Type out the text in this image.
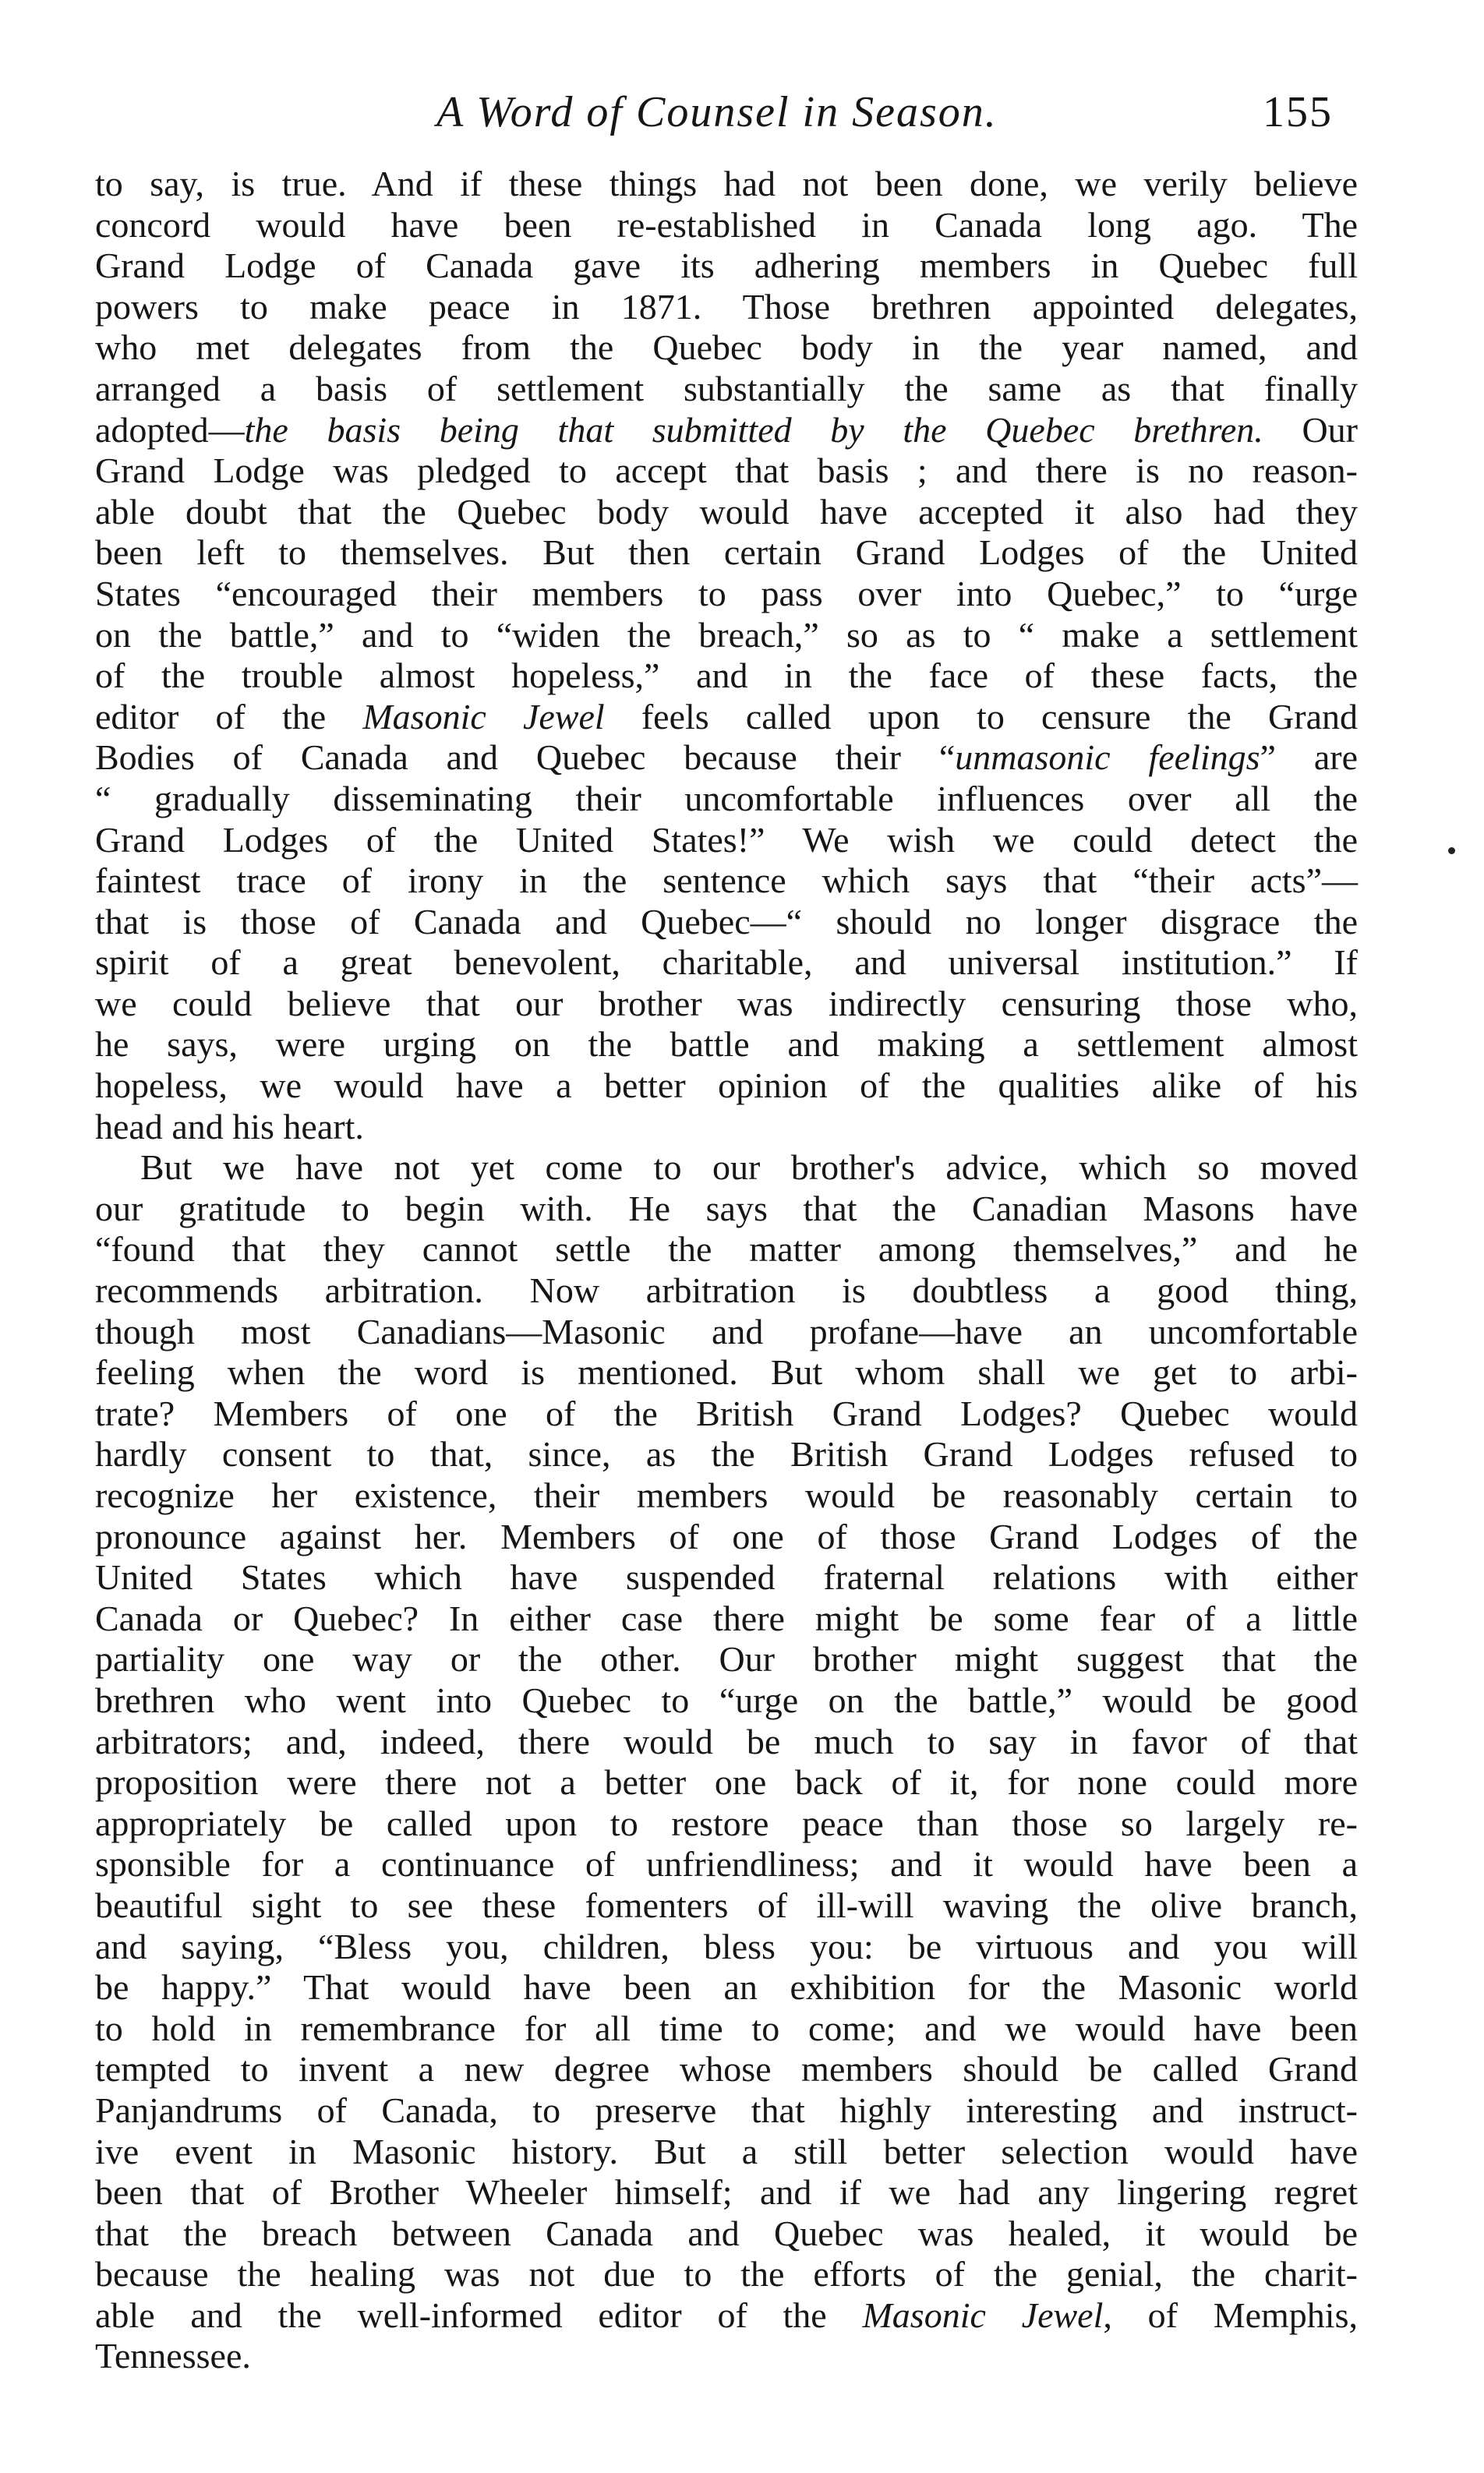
A Word of Counsel in Season.	155
to say, is true. And if these things had not been done, we verily believe
concord would have been re-established in Canada long ago. The
Grand Lodge of Canada gave its adhering members in Quebec full
powers to make peace in 1871. Those brethren appointed delegates,
who met delegates from the Quebec body in the year named, and
arranged a basis of settlement substantially the same as that finally
adopted—the basis being that submitted by the Quebec brethren. Our
Grand Lodge was pledged to accept that basis ; and there is no reason-
able doubt that the Quebec body would have accepted it also had they
been left to themselves. But then certain Grand Lodges of the United
States “encouraged their members to pass over into Quebec,” to “urge
on the battle,” and to “widen the breach,” so as to “ make a settlement
of the trouble almost hopeless,” and in the face of these facts, the
editor of the Masonic Jewel feels called upon to censure the Grand
Bodies of Canada and Quebec because their “unmasonic feelings” are
“ gradually disseminating their uncomfortable influences over all the
Grand Lodges of the United States!” We wish we could detect the
faintest trace of irony in the sentence which says that “their acts”—
that is those of Canada and Quebec—“ should no longer disgrace the
spirit of a great benevolent, charitable, and universal institution.” If
we could believe that our brother was indirectly censuring those who,
he says, were urging on the battle and making a settlement almost
hopeless, we would have a better opinion of the qualities alike of his
head and his heart.
But we have not yet come to our brother's advice, which so moved
our gratitude to begin with. He says that the Canadian Masons have
“found that they cannot settle the matter among themselves,” and he
recommends arbitration. Now arbitration is doubtless a good thing,
though most Canadians—Masonic and profane—have an uncomfortable
feeling when the word is mentioned. But whom shall we get to arbi-
trate? Members of one of the British Grand Lodges? Quebec would
hardly consent to that, since, as the British Grand Lodges refused to
recognize her existence, their members would be reasonably certain to
pronounce against her. Members of one of those Grand Lodges of the
United States which have suspended fraternal relations with either
Canada or Quebec? In either case there might be some fear of a little
partiality one way or the other. Our brother might suggest that the
brethren who went into Quebec to “urge on the battle,” would be good
arbitrators; and, indeed, there would be much to say in favor of that
proposition were there not a better one back of it, for none could more
appropriately be called upon to restore peace than those so largely re-
sponsible for a continuance of unfriendliness; and it would have been a
beautiful sight to see these fomenters of ill-will waving the olive branch,
and saying, “Bless you, children, bless you: be virtuous and you will
be happy.” That would have been an exhibition for the Masonic world
to hold in remembrance for all time to come; and we would have been
tempted to invent a new degree whose members should be called Grand
Panjandrums of Canada, to preserve that highly interesting and instruct-
ive event in Masonic history. But a still better selection would have
been that of Brother Wheeler himself; and if we had any lingering regret
that the breach between Canada and Quebec was healed, it would be
because the healing was not due to the efforts of the genial, the charit-
able and the well-informed editor of the Masonic Jewel, of Memphis,
Tennessee.
